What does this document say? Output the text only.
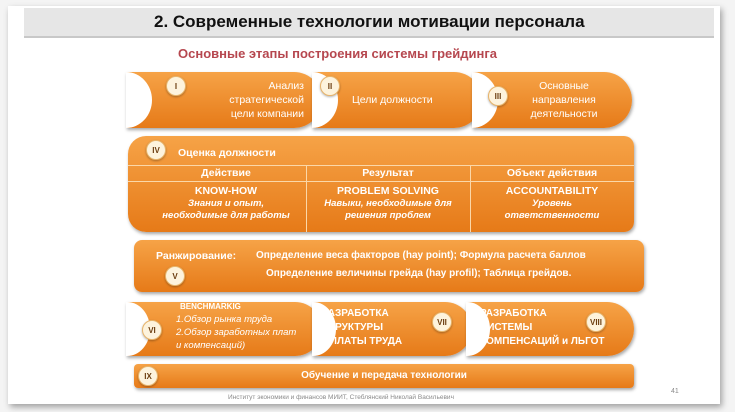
2. Современные технологии мотивации персонала
Основные этапы построения системы грейдинга
Анализ
стратегической
цели компании
I
Цели должности
II	Основные
направления
деятельности
III
Оценка должности
Действие
KNOW-HOW
Знания и опыт,
необходимые для работы
Результат
PROBLEM SOLVING
Навыки, необходимые для
решения проблем
Объект действия
ACCOUNTABILITY
Уровень
ответственности
IV
Ранжирование: Определение веса факторов (hay point); Формула расчета баллов
Определение величины грейда (hay profil); Таблица грейдов.
V
BENCHMARKIG
1.Обзор рынка труда
2.Обзор заработных плат
и компенсаций)
VI
РАЗРАБОТКА
СТРУКТУРЫ
ОПЛАТЫ ТРУДА
VII
РАЗРАБОТКА
СИСТЕМЫ
КОМПЕНСАЦИЙ и ЛЬГОТ
VIII
Обучение и передача технологии
IX
Институт экономики и финансов МИИТ, Стеблянский Николай Васильевич
41
